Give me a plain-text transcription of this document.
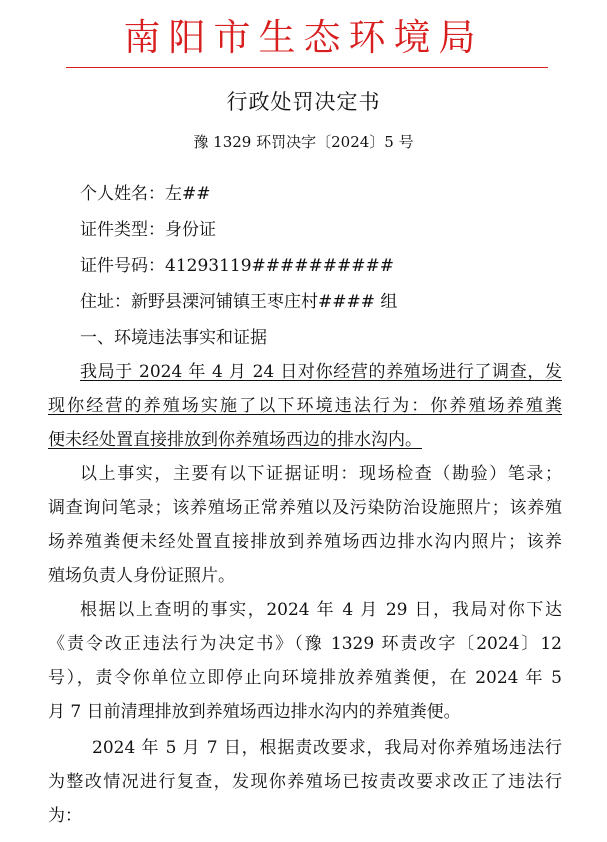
南阳市生态环境局
行政处罚决定书
豫 1329 环罚决字〔2024〕5 号
个人姓名：左##
证件类型：身份证
证件号码：41293119##########
住址：新野县溧河铺镇王枣庄村#### 组
一、环境违法事实和证据
我局于 2024 年 4 月 24 日对你经营的养殖场进行了调查，发
现你经营的养殖场实施了以下环境违法行为：你养殖场养殖粪
便未经处置直接排放到你养殖场西边的排水沟内。
以上事实，主要有以下证据证明：现场检查（勘验）笔录；
调查询问笔录；该养殖场正常养殖以及污染防治设施照片；该养殖
场养殖粪便未经处置直接排放到养殖场西边排水沟内照片；该养
殖场负责人身份证照片。
根据以上查明的事实，2024 年 4 月 29 日，我局对你下达
《责令改正违法行为决定书》（豫 1329 环责改字〔2024〕12
号），责令你单位立即停止向环境排放养殖粪便，在 2024 年 5
月 7 日前清理排放到养殖场西边排水沟内的养殖粪便。
2024 年 5 月 7 日，根据责改要求，我局对你养殖场违法行
为整改情况进行复查，发现你养殖场已按责改要求改正了违法行
为：
